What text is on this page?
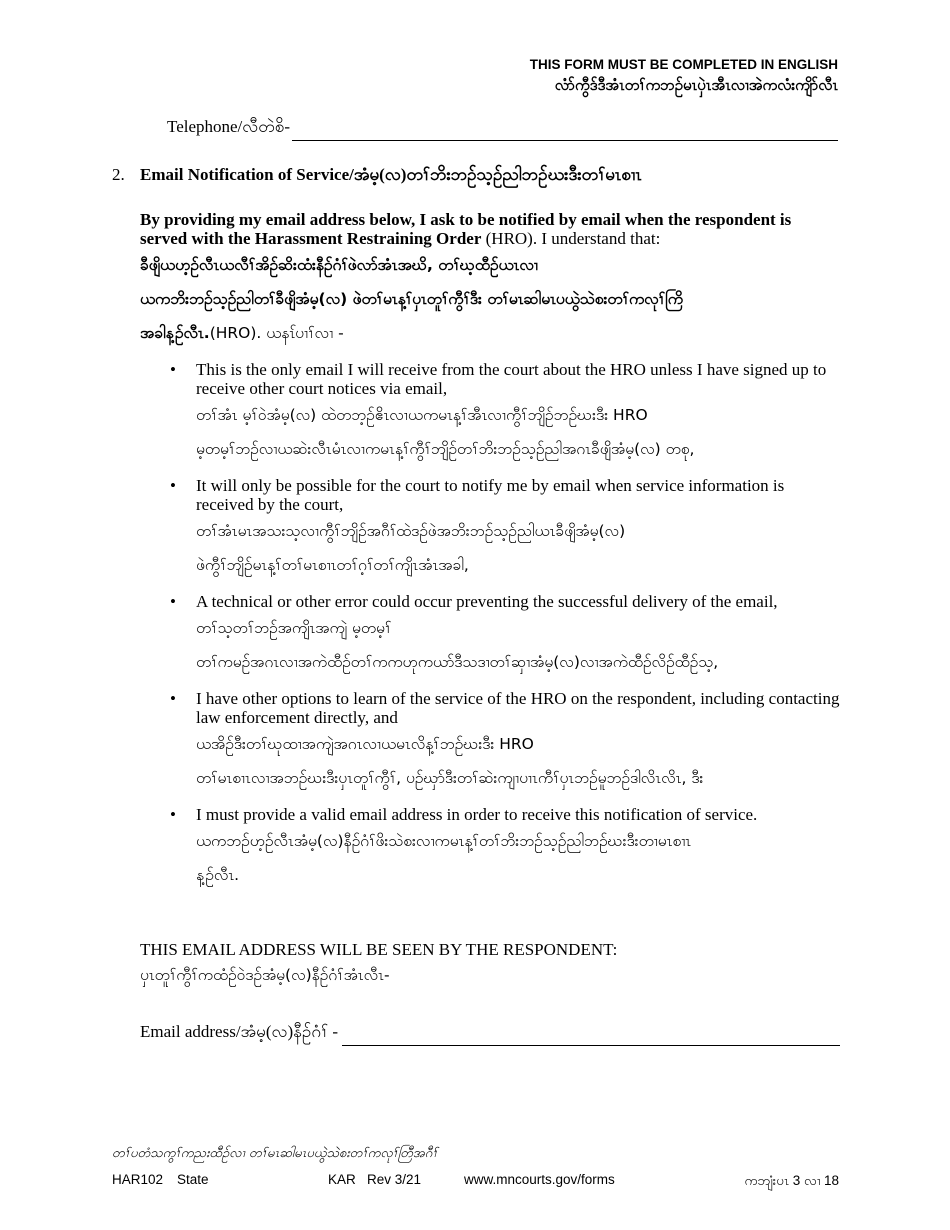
THIS FORM MUST BE COMPLETED IN ENGLISH
လံာ်ကွီဒ်ဒီအံၤတၢ်ကဘဉ်မၤပှဲၤအီၤလၢအဲကလံးကျိာ်လီၤ
Telephone/လီတဲစိ-
2. Email Notification of Service/အံမ့(လ)တၢ်ဘိးဘဉ်သ့ဉ်ညါဘဉ်ဃးဒီးတၢ်မၤစၢၤ
By providing my email address below, I ask to be notified by email when the respondent is served with the Harassment Restraining Order (HRO). I understand that:
ခီဖျိယဟ့ဉ်လီၤယလီၢ်အိဉ်ဆိးထံးနီဉ်ဂံၢ်ဖဲလာ်အံၤအဃိ, တၢ်ဃ့ထီဉ်ယၤလၢ
ယကဘိးဘဉ်သ့ဉ်ညါတၢ်ခီဖျိအံမ့(လ) ဖဲတၢ်မၤန့ၢ်ပှၤတူၢ်ကွီၢ်ဒီး တၢ်မၤဆါမၤပယွဲသဲစးတၢ်ကလုၢ်ကြိ
အခါန့ဉ်လီၤ.(HRO). ယနၤ်ပၢၢ်လၢ -
• This is the only email I will receive from the court about the HRO unless I have signed up to receive other court notices via email,
တၢ်အံၤ မ့ၢ်ဝဲအံမ့(လ) ထဲတဘ့ဉ်ဧိၤလၢယကမၤန့ၢ်အီၤလၢကွီၢ်ဘျိဉ်ဘဉ်ဃးဒီး HRO
မ့တမ့ၢ်ဘဉ်လၢယဆဲးလီၤမံၤလၢကမၤန့ၢ်ကွီၢ်ဘျိဉ်တၢ်ဘိးဘဉ်သ့ဉ်ညါအဂၤခီဖျိအံမ့(လ) တစု,
• It will only be possible for the court to notify me by email when service information is received by the court,
တၢ်အံၤမၤအသးသ့လၢကွီၢ်ဘျိဉ်အဂီၢ်ထဲဒဉ်ဖဲအဘိးဘဉ်သ့ဉ်ညါယၤခီဖျိအံမ့(လ)
ဖဲကွီၢ်ဘျိဉ်မၤန့ၢ်တၢ်မၤစၢၤတၢ်ဂ့ၢ်တၢ်ကျိၤအံၤအခါ,
• A technical or other error could occur preventing the successful delivery of the email,
တၢ်သ့တၢ်ဘဉ်အကျိၤအကျဲ မ့တမ့ၢ်
တၢ်ကမဉ်အဂၤလၢအကဲထီဉ်တၢ်ကကဟုကယာ်ဒီသဒၢတၢ်ဆှၢအံမ့(လ)လၢအကဲထီဉ်လိဉ်ထီဉ်သ့,
• I have other options to learn of the service of the HRO on the respondent, including contacting law enforcement directly, and
ယအိဉ်ဒီးတၢ်ဃုထၢအကျဲအဂၤလၢယမၤလိန့ၢ်ဘဉ်ဃးဒီး HRO
တၢ်မၤစၢၤလၢအဘဉ်ဃးဒီးပှၤတူၢ်ကွီၢ်, ပဉ်ဃှာ်ဒီးတၢ်ဆဲးကျၢပၢၤကီၢ်ပှၤဘဉ်မူဘဉ်ဒါလိၤလိၤ, ဒီး
• I must provide a valid email address in order to receive this notification of service.
ယကဘဉ်ဟ့ဉ်လီၤအံမ့(လ)နီဉ်ဂံၢ်ဖိးသဲစးလၢကမၤန့ၢ်တၢ်ဘိးဘဉ်သ့ဉ်ညါဘဉ်ဃးဒီးတၢမၤစၢၤ
န့ဉ်လီၤ.
THIS EMAIL ADDRESS WILL BE SEEN BY THE RESPONDENT:
ပှၤတူၢ်ကွီၢ်ကထံဉ်ဝဲဒဉ်အံမ့(လ)နီဉ်ဂံၢ်အံၤလီၤ-
Email address/အံမ့(လ)နီဉ်ဂံၢ် -
တၢ်ပတံသကွၢ်ကညးထီဉ်လၢ တၢ်မၤဆါမၤပယွဲသဲစးတၢ်ကလုၢ်တြီအဂီၢ်
HAR102 State	KAR   Rev 3/21	www.mncourts.gov/forms	ကဘျံးပၤ 3 လၢ 18
